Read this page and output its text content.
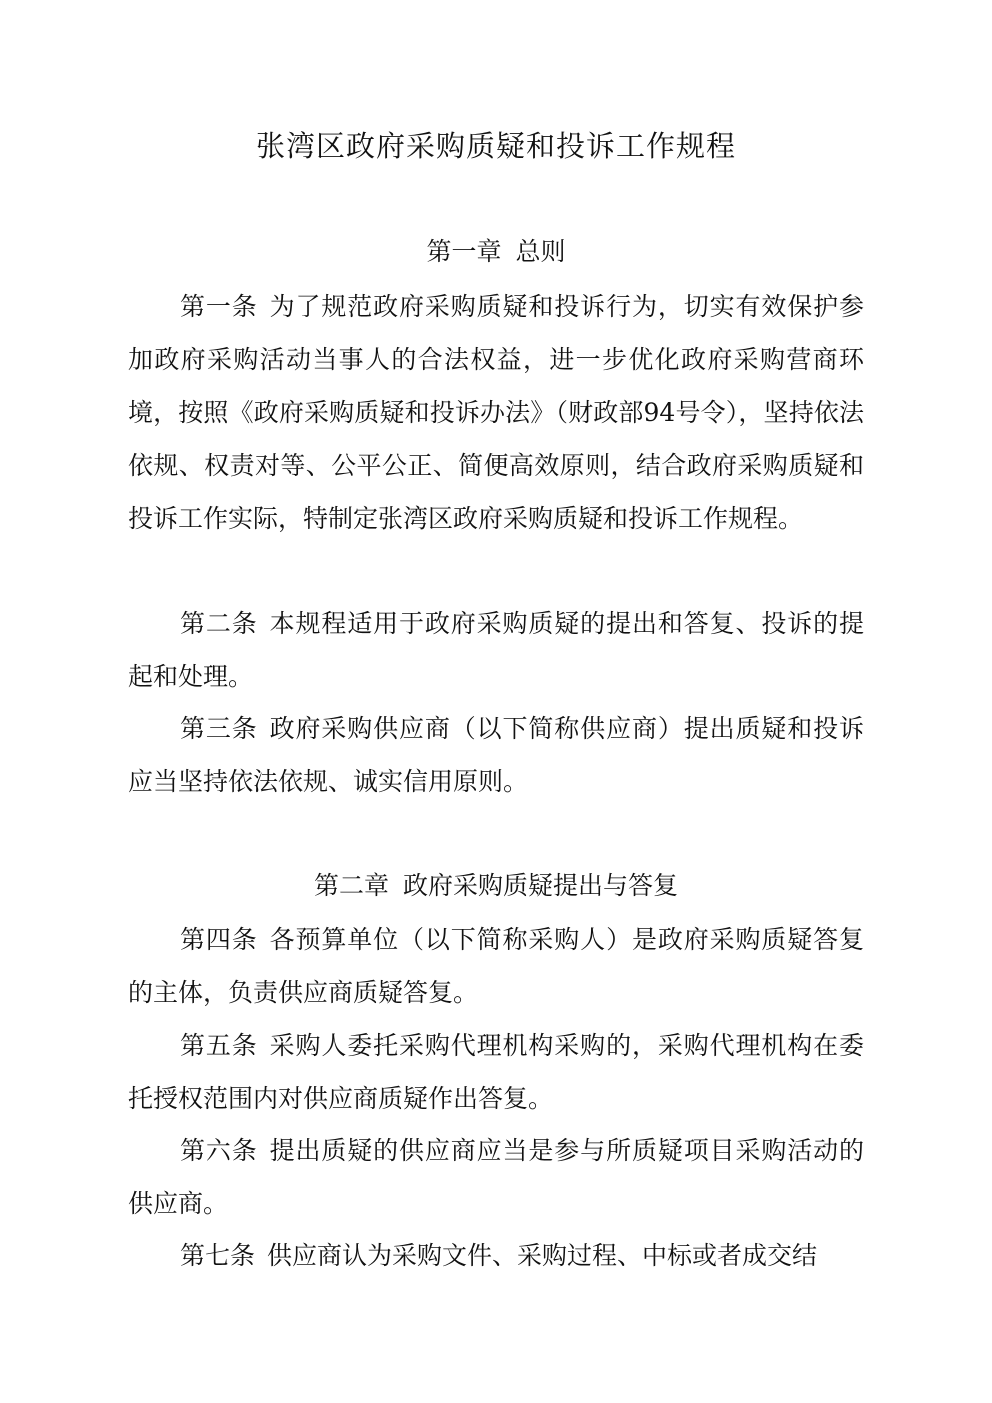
张湾区政府采购质疑和投诉工作规程
第一章 总则

第一条 为了规范政府采购质疑和投诉行为，切实有效保护参加政府采购活动当事人的合法权益，进一步优化政府采购营商环境，按照《政府采购质疑和投诉办法》（财政部94号令），坚持依法依规、权责对等、公平公正、简便高效原则，结合政府采购质疑和投诉工作实际，特制定张湾区政府采购质疑和投诉工作规程。

第二条 本规程适用于政府采购质疑的提出和答复、投诉的提起和处理。

第三条 政府采购供应商（以下简称供应商）提出质疑和投诉应当坚持依法依规、诚实信用原则。

第二章 政府采购质疑提出与答复

第四条 各预算单位（以下简称采购人）是政府采购质疑答复的主体，负责供应商质疑答复。

第五条 采购人委托采购代理机构采购的，采购代理机构在委托授权范围内对供应商质疑作出答复。

第六条 提出质疑的供应商应当是参与所质疑项目采购活动的供应商。

第七条 供应商认为采购文件、采购过程、中标或者成交结
